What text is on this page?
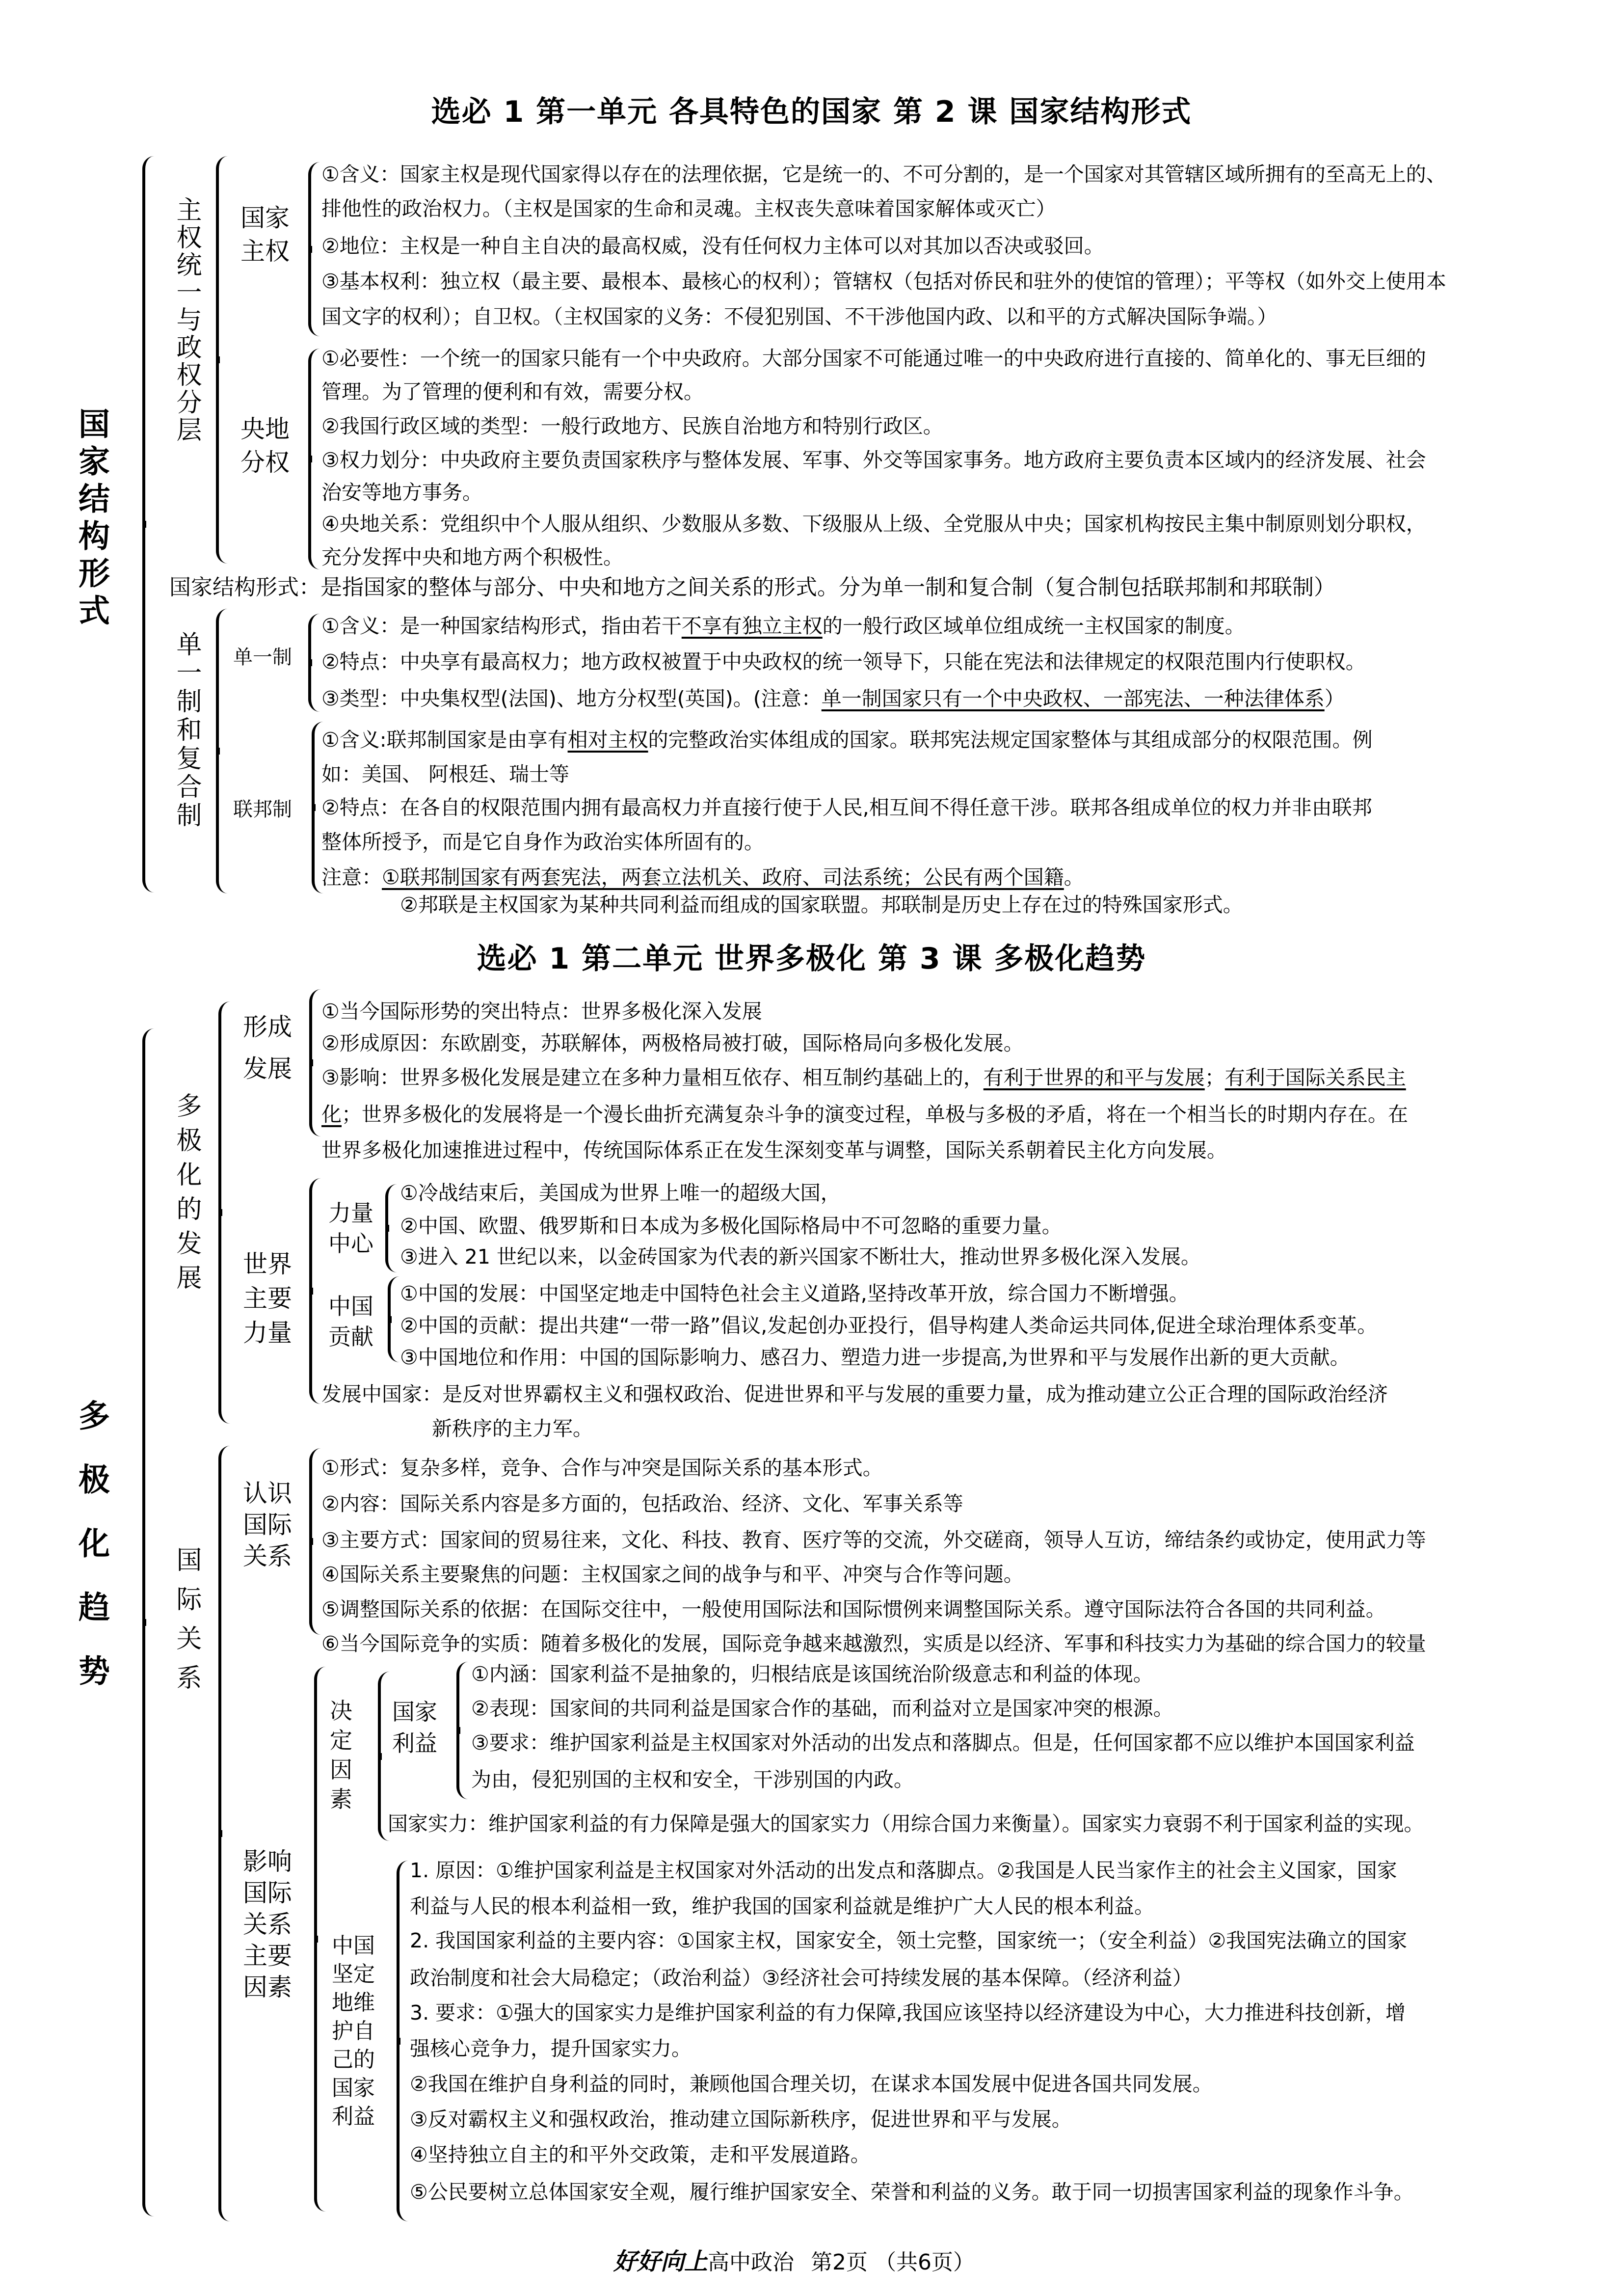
选必 1 第一单元 各具特色的国家 第 2 课 国家结构形式
国家结构形式
主权统一与政权分层 国家
主权
①含义：国家主权是现代国家得以存在的法理依据，它是统一的、不可分割的，是一个国家对其管辖区域所拥有的至高无上的、
排他性的政治权力。（主权是国家的生命和灵魂。主权丧失意味着国家解体或灭亡）
②地位：主权是一种自主自决的最高权威，没有任何权力主体可以对其加以否决或驳回。
③基本权利：独立权（最主要、最根本、最核心的权利）；管辖权（包括对侨民和驻外的使馆的管理）；平等权（如外交上使用本
国文字的权利）；自卫权。（主权国家的义务：不侵犯别国、不干涉他国内政、以和平的方式解决国际争端。）
央地
分权
①必要性：一个统一的国家只能有一个中央政府。大部分国家不可能通过唯一的中央政府进行直接的、简单化的、事无巨细的
管理。为了管理的便利和有效，需要分权。
②我国行政区域的类型：一般行政地方、民族自治地方和特别行政区。
③权力划分：中央政府主要负责国家秩序与整体发展、军事、外交等国家事务。地方政府主要负责本区域内的经济发展、社会
治安等地方事务。
④央地关系：党组织中个人服从组织、少数服从多数、下级服从上级、全党服从中央；国家机构按民主集中制原则划分职权，
充分发挥中央和地方两个积极性。
国家结构形式：是指国家的整体与部分、中央和地方之间关系的形式。分为单一制和复合制（复合制包括联邦制和邦联制）
单一制和复合制 单一制
①含义：是一种国家结构形式，指由若干不享有独立主权的一般行政区域单位组成统一主权国家的制度。
②特点：中央享有最高权力；地方政权被置于中央政权的统一领导下，只能在宪法和法律规定的权限范围内行使职权。
③类型：中央集权型(法国)、地方分权型(英国)。(注意：单一制国家只有一个中央政权、一部宪法、一种法律体系）
联邦制
①含义:联邦制国家是由享有相对主权的完整政治实体组成的国家。联邦宪法规定国家整体与其组成部分的权限范围。例
如：美国、 阿根廷、瑞士等
②特点：在各自的权限范围内拥有最高权力并直接行使于人民,相互间不得任意干涉。联邦各组成单位的权力并非由联邦
整体所授予，而是它自身作为政治实体所固有的。
注意：①联邦制国家有两套宪法，两套立法机关、政府、司法系统；公民有两个国籍。
②邦联是主权国家为某种共同利益而组成的国家联盟。邦联制是历史上存在过的特殊国家形式。
选必 1 第二单元 世界多极化 第 3 课 多极化趋势
多极化趋势
多极化的发展
形成
发展
①当今国际形势的突出特点：世界多极化深入发展
②形成原因：东欧剧变，苏联解体，两极格局被打破，国际格局向多极化发展。
③影响：世界多极化发展是建立在多种力量相互依存、相互制约基础上的，有利于世界的和平与发展；有利于国际关系民主
化；世界多极化的发展将是一个漫长曲折充满复杂斗争的演变过程，单极与多极的矛盾，将在一个相当长的时期内存在。在
世界多极化加速推进过程中，传统国际体系正在发生深刻变革与调整，国际关系朝着民主化方向发展。
世界
主要
力量
力量
中心
①冷战结束后，美国成为世界上唯一的超级大国，
②中国、欧盟、俄罗斯和日本成为多极化国际格局中不可忽略的重要力量。
③进入 21 世纪以来，以金砖国家为代表的新兴国家不断壮大，推动世界多极化深入发展。
中国
贡献
①中国的发展：中国坚定地走中国特色社会主义道路,坚持改革开放，综合国力不断增强。
②中国的贡献：提出共建“一带一路”倡议,发起创办亚投行，倡导构建人类命运共同体,促进全球治理体系变革。
③中国地位和作用：中国的国际影响力、感召力、塑造力进一步提高,为世界和平与发展作出新的更大贡献。
发展中国家：是反对世界霸权主义和强权政治、促进世界和平与发展的重要力量，成为推动建立公正合理的国际政治经济
新秩序的主力军。
国际关系
认识
国际
关系
①形式：复杂多样，竞争、合作与冲突是国际关系的基本形式。
②内容：国际关系内容是多方面的，包括政治、经济、文化、军事关系等
③主要方式：国家间的贸易往来，文化、科技、教育、医疗等的交流，外交磋商，领导人互访，缔结条约或协定，使用武力等
④国际关系主要聚焦的问题：主权国家之间的战争与和平、冲突与合作等问题。
⑤调整国际关系的依据：在国际交往中，一般使用国际法和国际惯例来调整国际关系。遵守国际法符合各国的共同利益。
⑥当今国际竞争的实质：随着多极化的发展，国际竞争越来越激烈，实质是以经济、军事和科技实力为基础的综合国力的较量
影响
国际
关系
主要
因素
决
定
因
素
国家
利益
①内涵：国家利益不是抽象的，归根结底是该国统治阶级意志和利益的体现。
②表现：国家间的共同利益是国家合作的基础，而利益对立是国家冲突的根源。
③要求：维护国家利益是主权国家对外活动的出发点和落脚点。但是，任何国家都不应以维护本国国家利益
为由，侵犯别国的主权和安全，干涉别国的内政。
国家实力：维护国家利益的有力保障是强大的国家实力（用综合国力来衡量）。国家实力衰弱不利于国家利益的实现。
中国
坚定
地维
护自
己的
国家
利益
1. 原因：①维护国家利益是主权国家对外活动的出发点和落脚点。②我国是人民当家作主的社会主义国家，国家
利益与人民的根本利益相一致，维护我国的国家利益就是维护广大人民的根本利益。
2. 我国国家利益的主要内容：①国家主权，国家安全，领土完整，国家统一；（安全利益）②我国宪法确立的国家
政治制度和社会大局稳定；（政治利益）③经济社会可持续发展的基本保障。（经济利益）
3. 要求：①强大的国家实力是维护国家利益的有力保障,我国应该坚持以经济建设为中心，大力推进科技创新，增
强核心竞争力，提升国家实力。
②我国在维护自身利益的同时，兼顾他国合理关切，在谋求本国发展中促进各国共同发展。
③反对霸权主义和强权政治，推动建立国际新秩序，促进世界和平与发展。
④坚持独立自主的和平外交政策，走和平发展道路。
⑤公民要树立总体国家安全观，履行维护国家安全、荣誉和利益的义务。敢于同一切损害国家利益的现象作斗争。
好好向上高中政治 第2页 （共6页）
